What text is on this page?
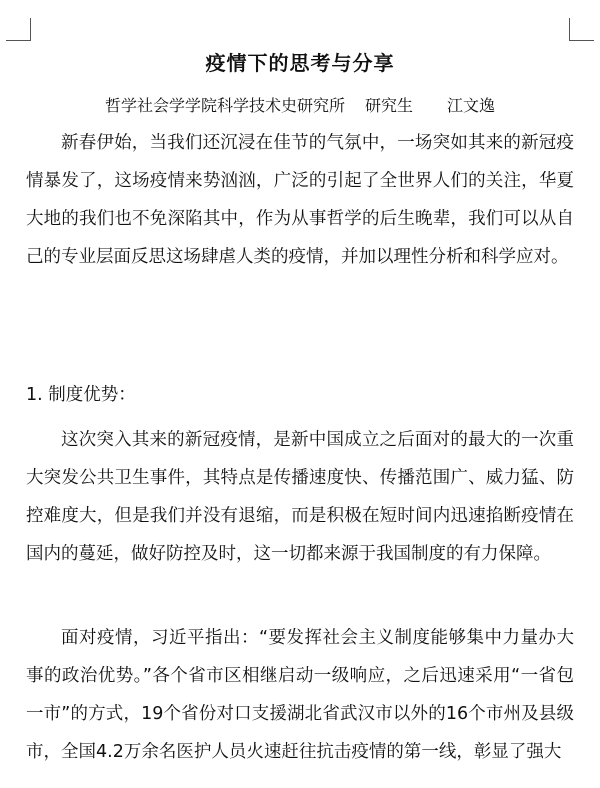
疫情下的思考与分享
哲学社会学学院科学技术史研究所 研究生 江文逸

新春伊始，当我们还沉浸在佳节的气氛中，一场突如其来的新冠疫情暴发了，这场疫情来势汹汹，广泛的引起了全世界人们的关注，华夏大地的我们也不免深陷其中，作为从事哲学的后生晚辈，我们可以从自己的专业层面反思这场肆虐人类的疫情，并加以理性分析和科学应对。

1. 制度优势：

这次突入其来的新冠疫情，是新中国成立之后面对的最大的一次重大突发公共卫生事件，其特点是传播速度快、传播范围广、威力猛、防控难度大，但是我们并没有退缩，而是积极在短时间内迅速掐断疫情在国内的蔓延，做好防控及时，这一切都来源于我国制度的有力保障。

面对疫情，习近平指出：“要发挥社会主义制度能够集中力量办大事的政治优势。”各个省市区相继启动一级响应，之后迅速采用“一省包一市”的方式，19个省份对口支援湖北省武汉市以外的16个市州及县级市，全国4.2万余名医护人员火速赶往抗击疫情的第一线，彰显了强大
